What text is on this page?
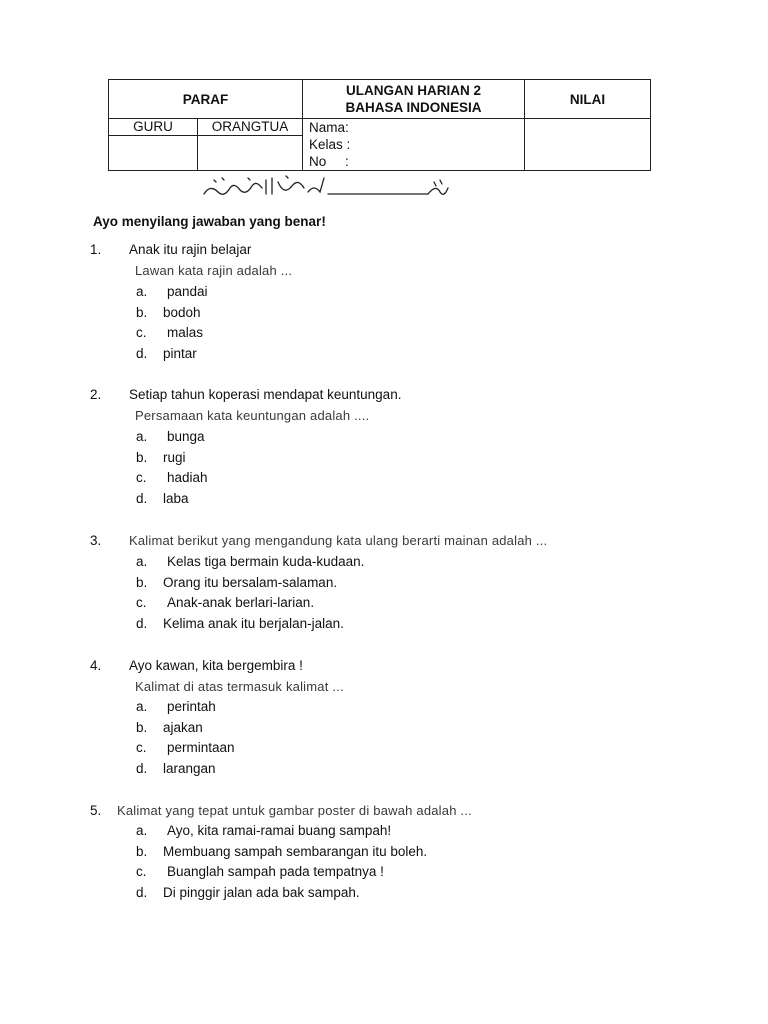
PARAF		ULANGAN HARIAN 2
BAHASA INDONESIA	NILAI
GURU	ORANGTUA	Nama:
Kelas :
No     :	

Ayo menyilang jawaban yang benar!
1. Anak itu rajin belajar
Lawan kata rajin adalah ...
a. pandai
b. bodoh
c. malas
d. pintar
2. Setiap tahun koperasi mendapat keuntungan.
Persamaan kata keuntungan adalah ....
a. bunga
b. rugi
c. hadiah
d. laba
3. Kalimat berikut yang mengandung kata ulang berarti mainan adalah ...
a. Kelas tiga bermain kuda-kudaan.
b. Orang itu bersalam-salaman.
c. Anak-anak berlari-larian.
d. Kelima anak itu berjalan-jalan.
4. Ayo kawan, kita bergembira !
Kalimat di atas termasuk kalimat ...
a. perintah
b. ajakan
c. permintaan
d. larangan
5. Kalimat yang tepat untuk gambar poster di bawah adalah ...
a. Ayo, kita ramai-ramai buang sampah!
b. Membuang sampah sembarangan itu boleh.
c. Buanglah sampah pada tempatnya !
d. Di pinggir jalan ada bak sampah.
